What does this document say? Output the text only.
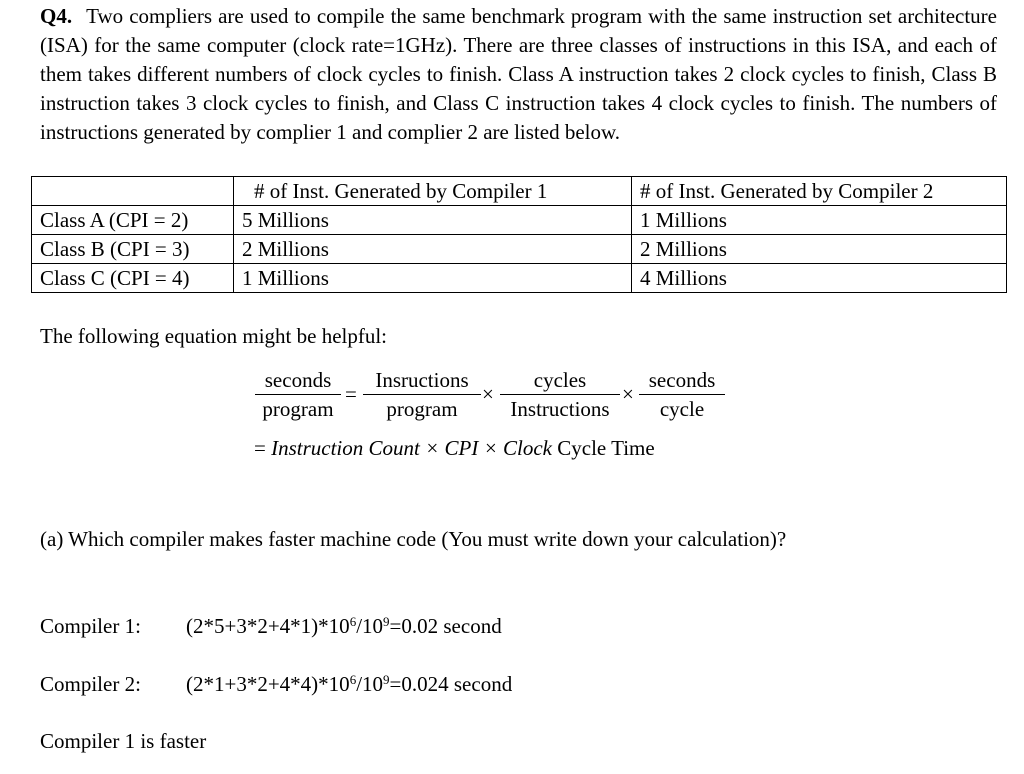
Q4. Two compliers are used to compile the same benchmark program with the same instruction set architecture (ISA) for the same computer (clock rate=1GHz). There are three classes of instructions in this ISA, and each of them takes different numbers of clock cycles to finish. Class A instruction takes 2 clock cycles to finish, Class B instruction takes 3 clock cycles to finish, and Class C instruction takes 4 clock cycles to finish. The numbers of instructions generated by complier 1 and complier 2 are listed below.
	# of Inst. Generated by Compiler 1	# of Inst. Generated by Compiler 2
Class A (CPI = 2)	5 Millions	1 Millions
Class B (CPI = 3)	2 Millions	2 Millions
Class C (CPI = 4)	1 Millions	4 Millions
The following equation might be helpful:
seconds
program
=
Insructions
program
×
cycles
Instructions
×
seconds
cycle
= Instruction Count × CPI × Clock Cycle Time
(a) Which compiler makes faster machine code (You must write down your calculation)?
Compiler 1: $(2*5+3*2+4*1)*10^6/10^9=0.02$ second
Compiler 2: $(2*1+3*2+4*4)*10^6/10^9=0.024$ second
Compiler 1 is faster
